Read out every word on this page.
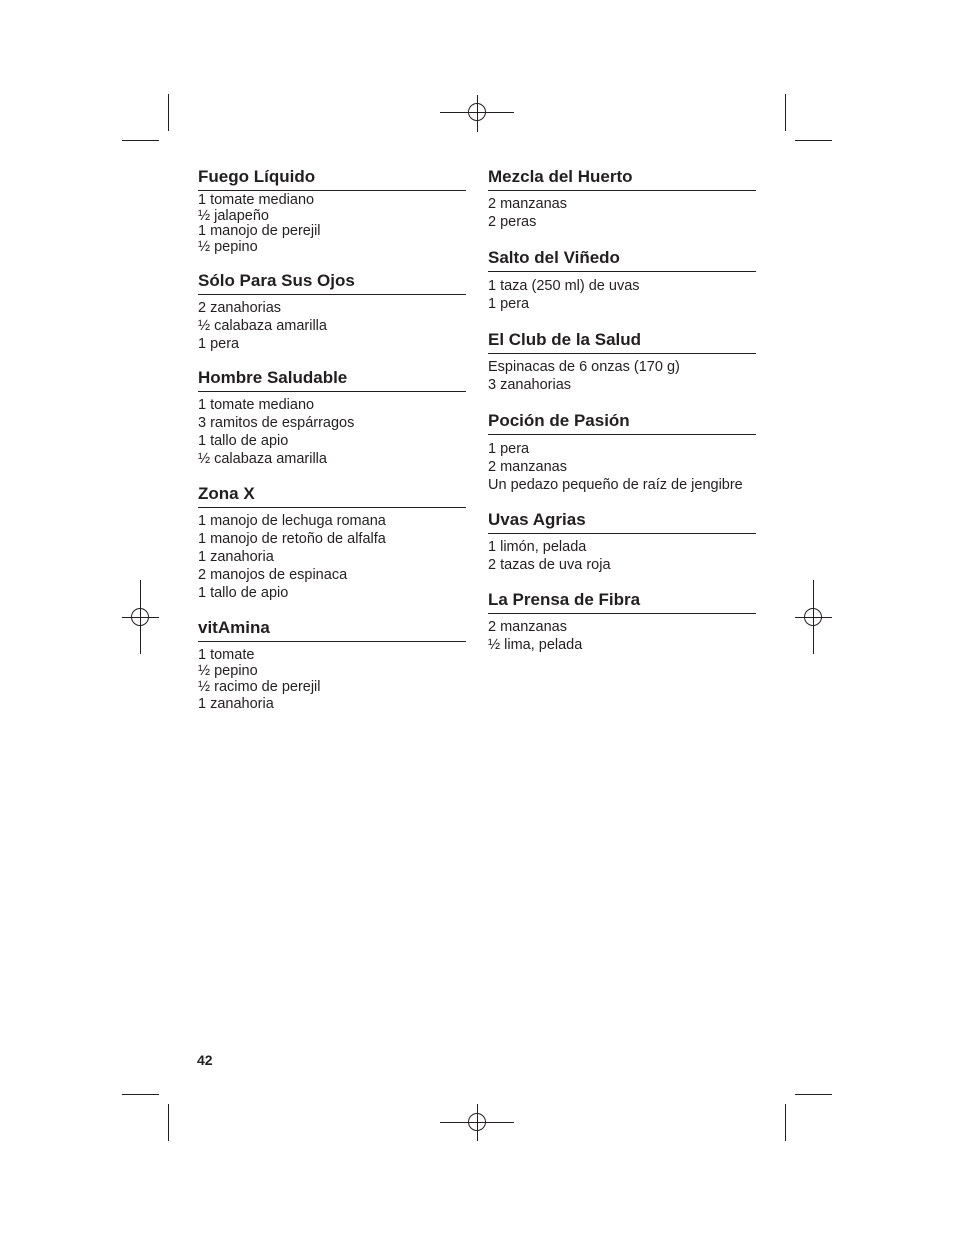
Fuego Líquido
1 tomate mediano
½ jalapeño
1 manojo de perejil
½ pepino
Sólo Para Sus Ojos
2 zanahorias
½ calabaza amarilla
1 pera
Hombre Saludable
1 tomate mediano
3 ramitos de espárragos
1 tallo de apio
½ calabaza amarilla
Zona X
1 manojo de lechuga romana
1 manojo de retoño de alfalfa
1 zanahoria
2 manojos de espinaca
1 tallo de apio
vitAmina
1 tomate
½ pepino
½ racimo de perejil
1 zanahoria
Mezcla del Huerto
2 manzanas
2 peras
Salto del Viñedo
1 taza (250 ml) de uvas
1 pera
El Club de la Salud
Espinacas de 6 onzas (170 g)
3 zanahorias
Poción de Pasión
1 pera
2 manzanas
Un pedazo pequeño de raíz de jengibre
Uvas Agrias
1 limón, pelada
2 tazas de uva roja
La Prensa de Fibra
2 manzanas
½ lima, pelada
42
